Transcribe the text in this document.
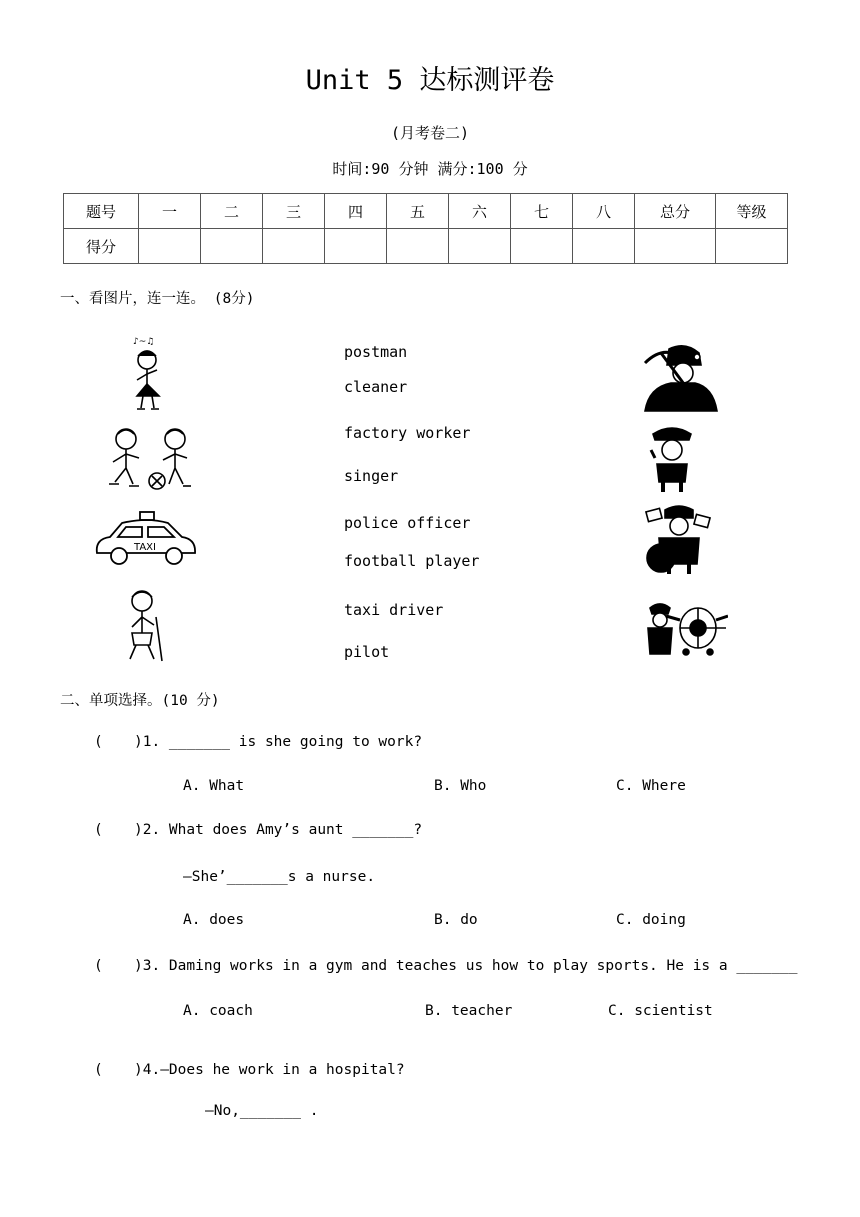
Unit 5 达标测评卷
(月考卷二)
时间:90 分钟 满分:100 分
题号	一	二	三	四	五	六	七	八	总分	等级
得分										
一、看图片，连一连。 (8分)
postman
cleaner
factory worker
singer
police officer
football player
taxi driver
pilot
♪~♫
TAXI
二、单项选择。(10 分)
( )1. _______ is she going to work?
A. What	B. Who	C. Where
( )2. What does Amy’s aunt _______?
—She’_______s a nurse.
A. does	B. do	C. doing
( )3. Daming works in a gym and teaches us how to play sports. He is a _______
A. coach	B. teacher	C. scientist
( )4.—Does he work in a hospital?
—No,_______ .
